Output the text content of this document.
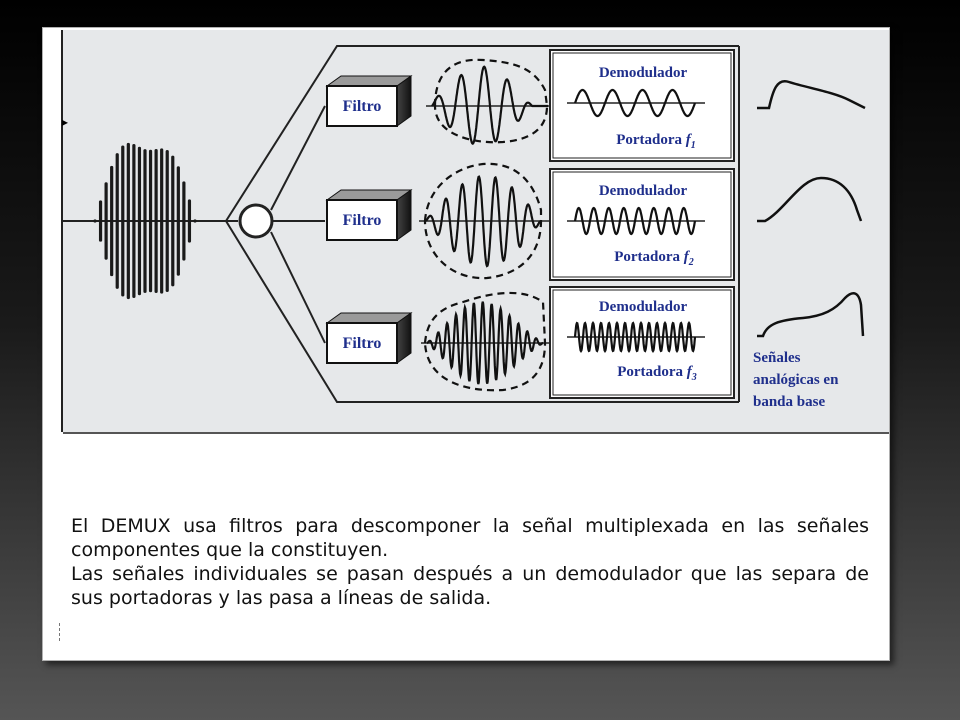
Filtro
Filtro
Filtro
Demodulador
Portadora $f_1$
Demodulador
Portadora $f_2$
Demodulador
Portadora $f_3$
Señales analógicas en banda base
▸

El DEMUX usa filtros para descomponer la señal multiplexada en las señales componentes que la constituyen.

Las señales individuales se pasan después a un demodulador que las separa de sus portadoras y las pasa a líneas de salida.
